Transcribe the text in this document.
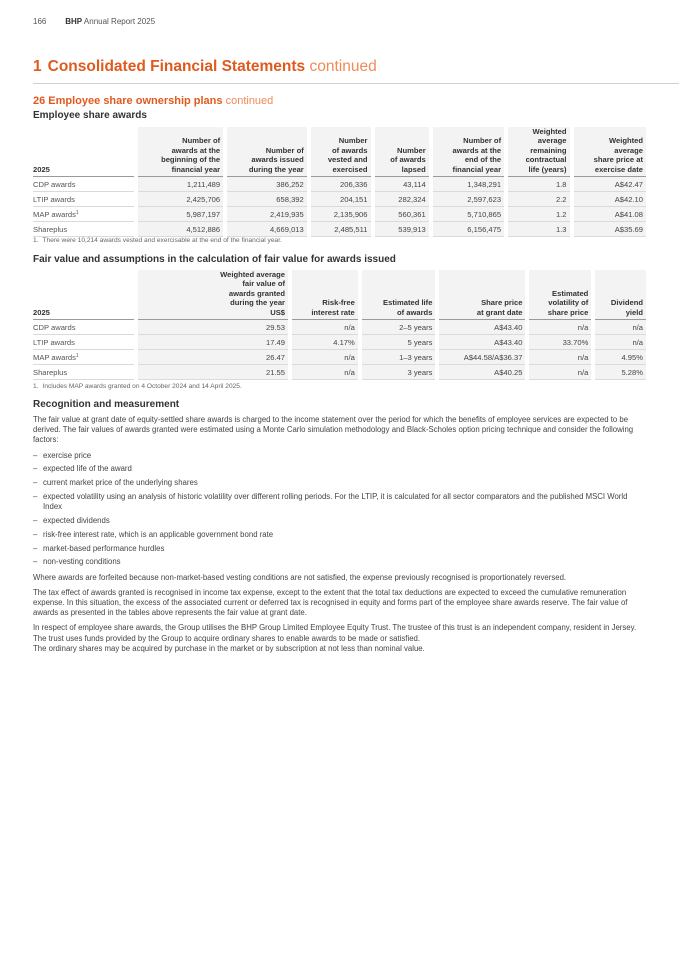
166 BHP Annual Report 2025
1 Consolidated Financial Statements continued
26 Employee share ownership plans continued
Employee share awards
2025		Number of
awards at the
beginning of the
financial year		Number of
awards issued
during the year		Number
of awards
vested and
exercised		Number
of awards
lapsed		Number of
awards at the
end of the
financial year		Weighted
average
remaining
contractual
life (years)		Weighted
average
share price at
exercise date
CDP awards		1,211,489		386,252		206,336		43,114		1,348,291		1.8		A$42.47
LTIP awards		2,425,706		658,392		204,151		282,324		2,597,623		2.2		A$42.10
MAP awards$^1$		5,987,197		2,419,935		2,135,906		560,361		5,710,865		1.2		A$41.08
Shareplus		4,512,886		4,669,013		2,485,511		539,913		6,156,475		1.3		A$35.69
1. There were 10,214 awards vested and exercisable at the end of the financial year.
Fair value and assumptions in the calculation of fair value for awards issued
2025		Weighted average
fair value of
awards granted
during the year
US$		Risk-free
interest rate		Estimated life
of awards		Share price
at grant date		Estimated
volatility of
share price		Dividend
yield
CDP awards		29.53		n/a		2–5 years		A$43.40		n/a		n/a
LTIP awards		17.49		4.17%		5 years		A$43.40		33.70%		n/a
MAP awards$^1$		26.47		n/a		1–3 years		A$44.58/A$36.37		n/a		4.95%
Shareplus		21.55		n/a		3 years		A$40.25		n/a		5.28%
1. Includes MAP awards granted on 4 October 2024 and 14 April 2025.
Recognition and measurement

The fair value at grant date of equity-settled share awards is charged to the income statement over the period for which the benefits of employee services are expected to be derived. The fair values of awards granted were estimated using a Monte Carlo simulation methodology and Black-Scholes option pricing technique and consider the following factors:

– exercise price
– expected life of the award
– current market price of the underlying shares
– expected volatility using an analysis of historic volatility over different rolling periods. For the LTIP, it is calculated for all sector comparators and the published MSCI World Index
– expected dividends
– risk-free interest rate, which is an applicable government bond rate
– market-based performance hurdles
– non-vesting conditions

Where awards are forfeited because non-market-based vesting conditions are not satisfied, the expense previously recognised is proportionately reversed.

The tax effect of awards granted is recognised in income tax expense, except to the extent that the total tax deductions are expected to exceed the cumulative remuneration expense. In this situation, the excess of the associated current or deferred tax is recognised in equity and forms part of the employee share awards reserve. The fair value of awards as presented in the tables above represents the fair value at grant date.

In respect of employee share awards, the Group utilises the BHP Group Limited Employee Equity Trust. The trustee of this trust is an independent company, resident in Jersey. The trust uses funds provided by the Group to acquire ordinary shares to enable awards to be made or satisfied.
The ordinary shares may be acquired by purchase in the market or by subscription at not less than nominal value.
